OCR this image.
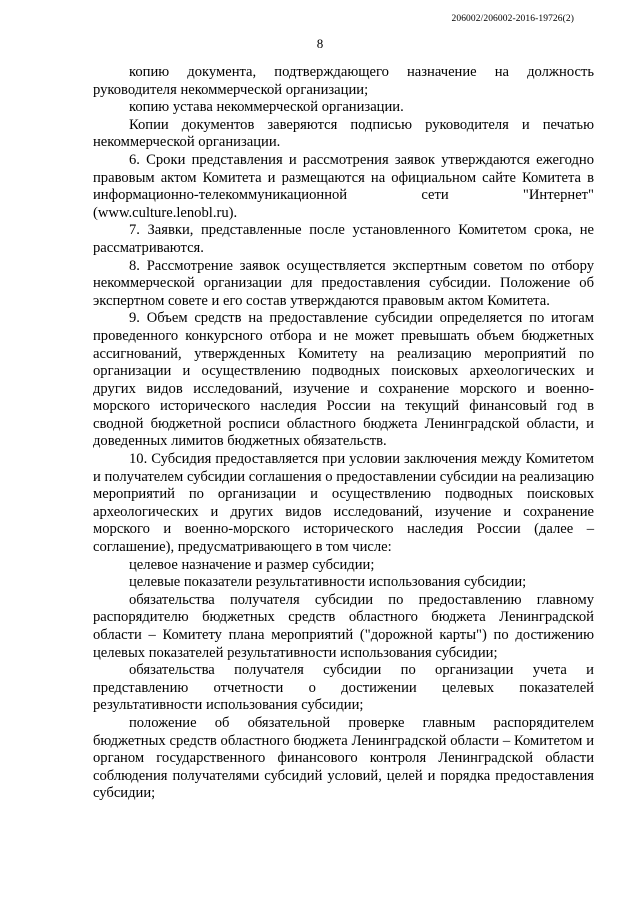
206002/206002-2016-19726(2)
8

копию документа, подтверждающего назначение на должность руководителя некоммерческой организации;

копию устава некоммерческой организации.

Копии документов заверяются подписью руководителя и печатью некоммерческой организации.

6. Сроки представления и рассмотрения заявок утверждаются ежегодно правовым актом Комитета и размещаются на официальном сайте Комитета в информационно-телекоммуникационной сети "Интернет" (www.culture.lenobl.ru).

7. Заявки, представленные после установленного Комитетом срока, не рассматриваются.

8. Рассмотрение заявок осуществляется экспертным советом по отбору некоммерческой организации для предоставления субсидии. Положение об экспертном совете и его состав утверждаются правовым актом Комитета.

9. Объем средств на предоставление субсидии определяется по итогам проведенного конкурсного отбора и не может превышать объем бюджетных ассигнований, утвержденных Комитету на реализацию мероприятий по организации и осуществлению подводных поисковых археологических и других видов исследований, изучение и сохранение морского и военно-морского исторического наследия России на текущий финансовый год в сводной бюджетной росписи областного бюджета Ленинградской области, и доведенных лимитов бюджетных обязательств.

10. Субсидия предоставляется при условии заключения между Комитетом и получателем субсидии соглашения о предоставлении субсидии на реализацию мероприятий по организации и осуществлению подводных поисковых археологических и других видов исследований, изучение и сохранение морского и военно-морского исторического наследия России (далее – соглашение), предусматривающего в том числе:

целевое назначение и размер субсидии;

целевые показатели результативности использования субсидии;

обязательства получателя субсидии по предоставлению главному распорядителю бюджетных средств областного бюджета Ленинградской области – Комитету плана мероприятий ("дорожной карты") по достижению целевых показателей результативности использования субсидии;

обязательства получателя субсидии по организации учета и представлению отчетности о достижении целевых показателей результативности использования субсидии;

положение об обязательной проверке главным распорядителем бюджетных средств областного бюджета Ленинградской области – Комитетом и органом государственного финансового контроля Ленинградской области соблюдения получателями субсидий условий, целей и порядка предоставления субсидии;
